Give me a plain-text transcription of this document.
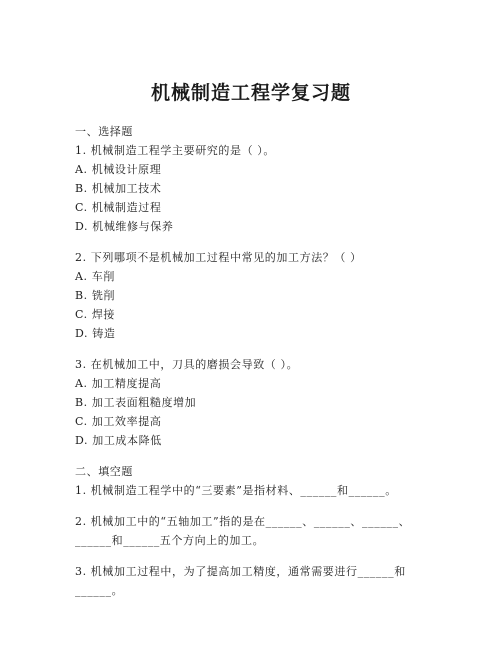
机械制造工程学复习题
一、选择题
1. 机械制造工程学主要研究的是（ ）。
A. 机械设计原理
B. 机械加工技术
C. 机械制造过程
D. 机械维修与保养
2. 下列哪项不是机械加工过程中常见的加工方法？（ ）
A. 车削
B. 铣削
C. 焊接
D. 铸造
3. 在机械加工中，刀具的磨损会导致（ ）。
A. 加工精度提高
B. 加工表面粗糙度增加
C. 加工效率提高
D. 加工成本降低
二、填空题
1. 机械制造工程学中的“三要素”是指材料、______和______。
2. 机械加工中的“五轴加工”指的是在______、______、______、
______和______五个方向上的加工。
3. 机械加工过程中，为了提高加工精度，通常需要进行______和
______。
